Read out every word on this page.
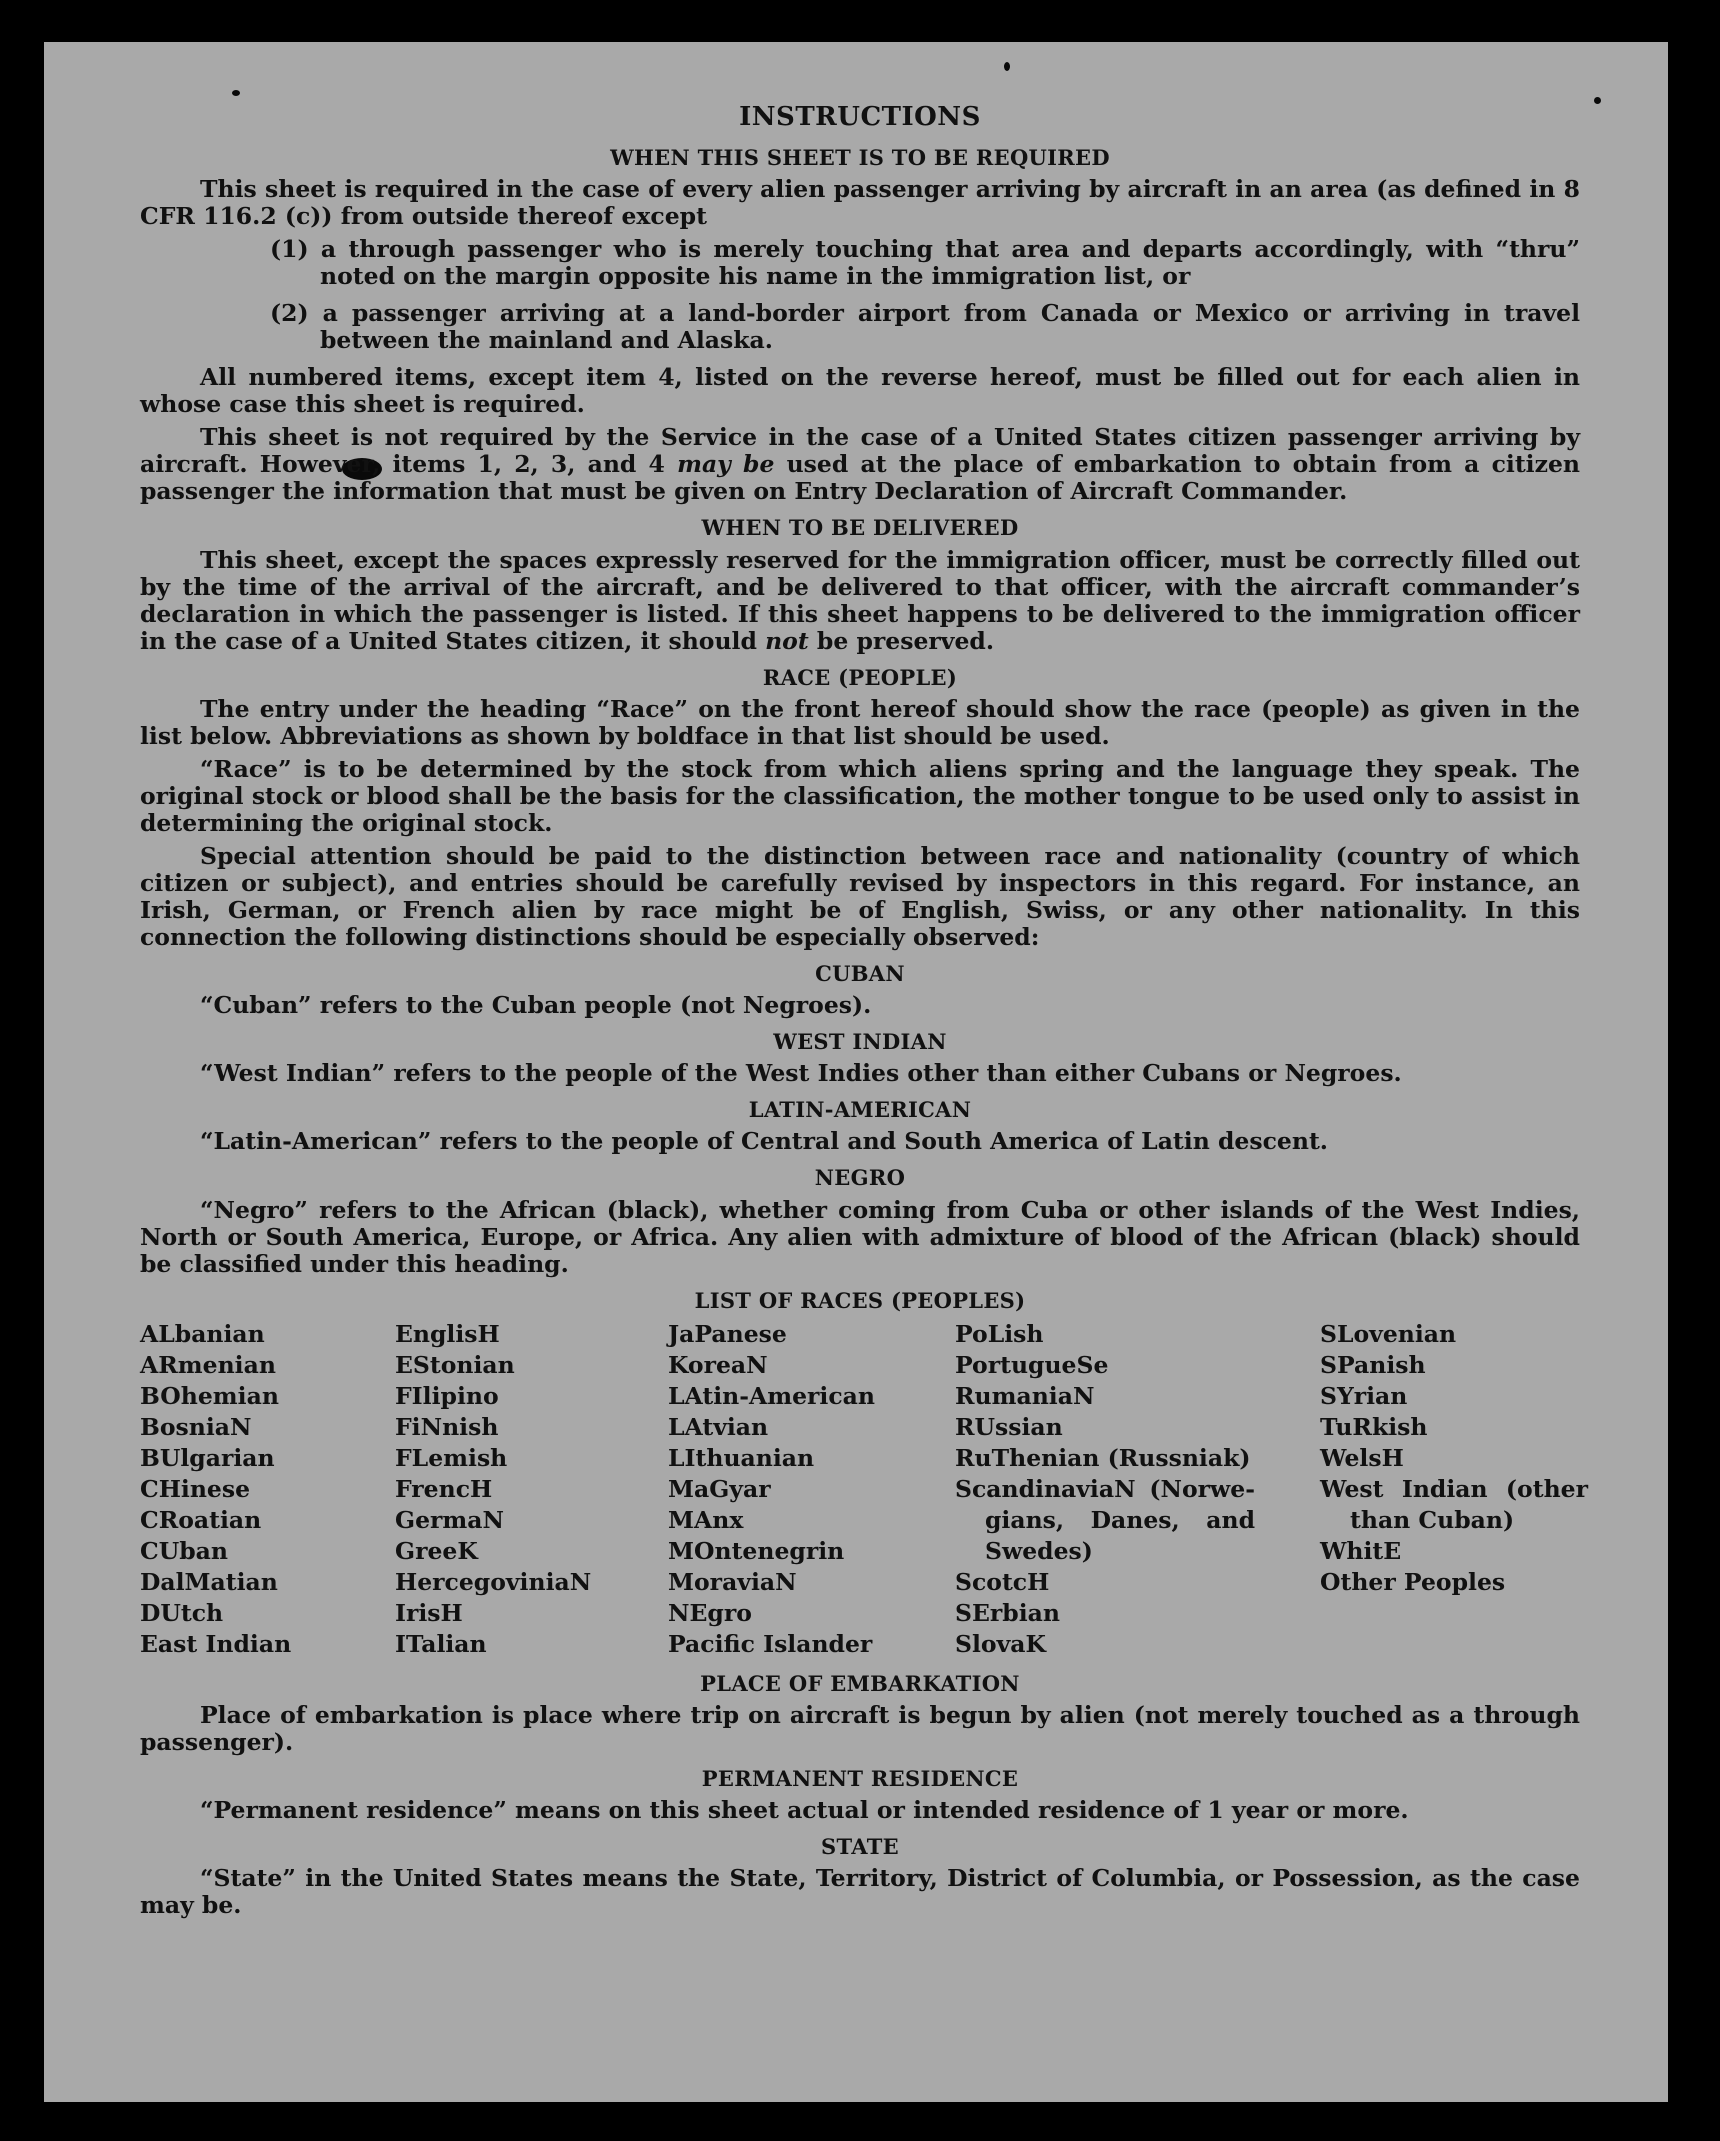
INSTRUCTIONS
WHEN THIS SHEET IS TO BE REQUIRED

This sheet is required in the case of every alien passenger arriving by aircraft in an area (as defined in 8 CFR 116.2 (c)) from outside thereof except

(1) a through passenger who is merely touching that area and departs accordingly, with “thru” noted on the margin opposite his name in the immigration list, or

(2) a passenger arriving at a land-border airport from Canada or Mexico or arriving in travel between the mainland and Alaska.

All numbered items, except item 4, listed on the reverse hereof, must be filled out for each alien in whose case this sheet is required.

This sheet is not required by the Service in the case of a United States citizen passenger arriving by aircraft. However, items 1, 2, 3, and 4 may be used at the place of embarkation to obtain from a citizen passenger the information that must be given on Entry Declaration of Aircraft Commander.

WHEN TO BE DELIVERED

This sheet, except the spaces expressly reserved for the immigration officer, must be correctly filled out by the time of the arrival of the aircraft, and be delivered to that officer, with the aircraft commander’s declaration in which the passenger is listed. If this sheet happens to be delivered to the immigration officer in the case of a United States citizen, it should not be preserved.

RACE (PEOPLE)

The entry under the heading “Race” on the front hereof should show the race (people) as given in the list below. Abbreviations as shown by boldface in that list should be used.

“Race” is to be determined by the stock from which aliens spring and the language they speak. The original stock or blood shall be the basis for the classification, the mother tongue to be used only to assist in determining the original stock.

Special attention should be paid to the distinction between race and nationality (country of which citizen or subject), and entries should be carefully revised by inspectors in this regard. For instance, an Irish, German, or French alien by race might be of English, Swiss, or any other nationality. In this connection the following distinctions should be especially observed:

CUBAN

“Cuban” refers to the Cuban people (not Negroes).

WEST INDIAN

“West Indian” refers to the people of the West Indies other than either Cubans or Negroes.

LATIN-AMERICAN

“Latin-American” refers to the people of Central and South America of Latin descent.

NEGRO

“Negro” refers to the African (black), whether coming from Cuba or other islands of the West Indies, North or South America, Europe, or Africa. Any alien with admixture of blood of the African (black) should be classified under this heading.

LIST OF RACES (PEOPLES)
ALbanian
ARmenian
BOhemian
BosniaN
BUlgarian
CHinese
CRoatian
CUban
DalMatian
DUtch
East Indian
EnglisH
EStonian
FIlipino
FiNnish
FLemish
FrencH
GermaN
GreeK
HercegoviniaN
IrisH
ITalian
JaPanese
KoreaN
LAtin-American
LAtvian
LIthuanian
MaGyar
MAnx
MOntenegrin
MoraviaN
NEgro
Pacific Islander
PoLish
PortugueSe
RumaniaN
RUssian
RuThenian (Russniak)
ScandinaviaN (Norwe-gians, Danes, and Swedes)
ScotcH
SErbian
SlovaK
SLovenian
SPanish
SYrian
TuRkish
WelsH
West Indian (other than Cuban)
WhitE
Other Peoples
PLACE OF EMBARKATION

Place of embarkation is place where trip on aircraft is begun by alien (not merely touched as a through passenger).

PERMANENT RESIDENCE

“Permanent residence” means on this sheet actual or intended residence of 1 year or more.

STATE

“State” in the United States means the State, Territory, District of Columbia, or Possession, as the case may be.
